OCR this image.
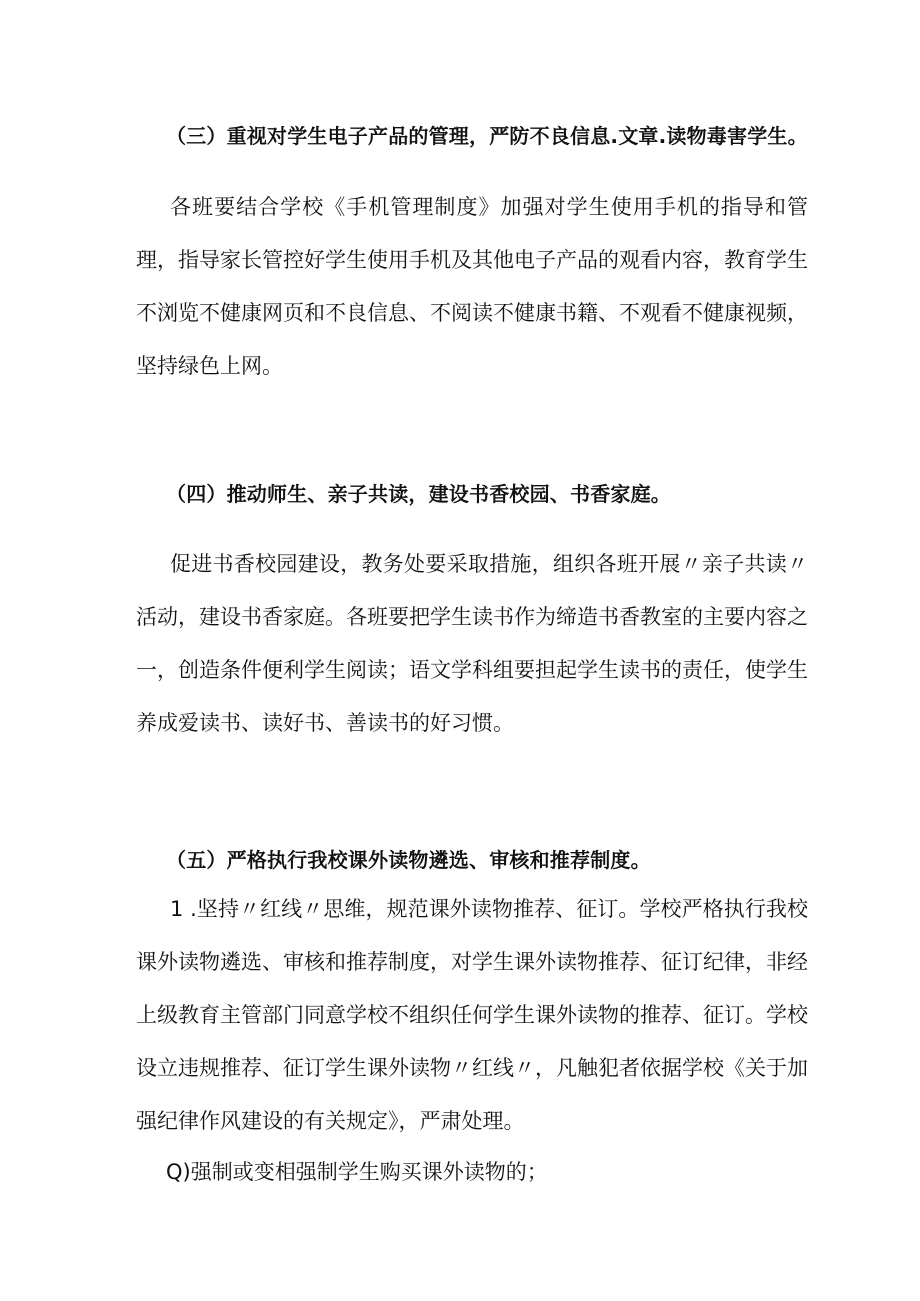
（三）重视对学生电子产品的管理，严防不良信息.文章.读物毒害学生。

各班要结合学校《手机管理制度》加强对学生使用手机的指导和管理，指导家长管控好学生使用手机及其他电子产品的观看内容，教育学生不浏览不健康网页和不良信息、不阅读不健康书籍、不观看不健康视频，坚持绿色上网。

（四）推动师生、亲子共读，建设书香校园、书香家庭。

促进书香校园建设，教务处要采取措施，组织各班开展〃亲子共读〃活动，建设书香家庭。各班要把学生读书作为缔造书香教室的主要内容之一，创造条件便利学生阅读；语文学科组要担起学生读书的责任，使学生养成爱读书、读好书、善读书的好习惯。

（五）严格执行我校课外读物遴选、审核和推荐制度。

1 .坚持〃红线〃思维，规范课外读物推荐、征订。学校严格执行我校课外读物遴选、审核和推荐制度，对学生课外读物推荐、征订纪律，非经上级教育主管部门同意学校不组织任何学生课外读物的推荐、征订。学校设立违规推荐、征订学生课外读物〃红线〃，凡触犯者依据学校《关于加强纪律作风建设的有关规定》，严肃处理。

Q)强制或变相强制学生购买课外读物的；
